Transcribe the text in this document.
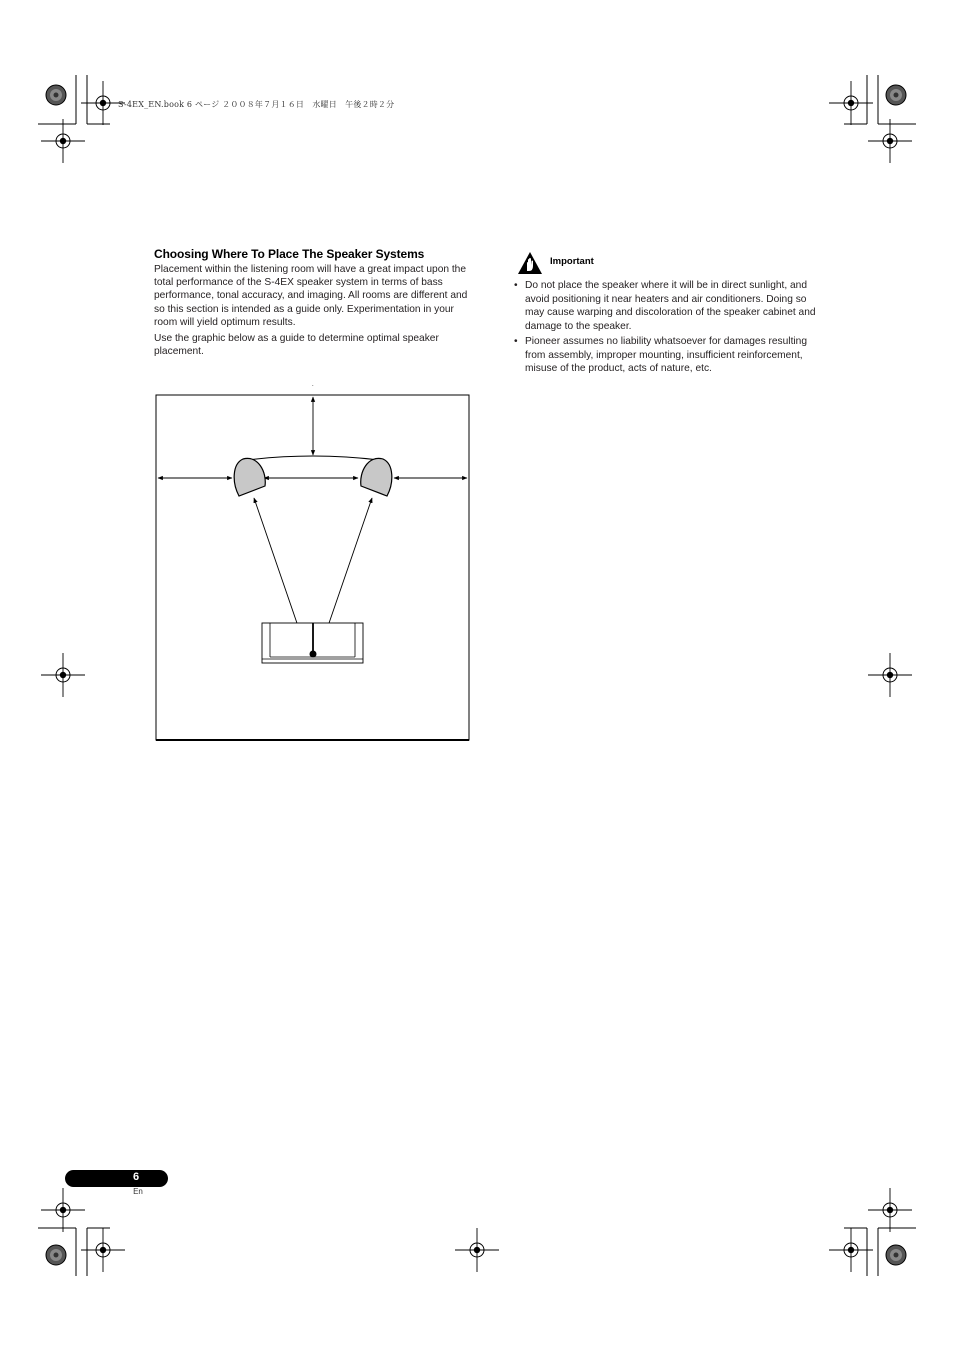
S-4EX_EN.book 6 ページ ２００８年７月１６日　水曜日　午後２時２分
Choosing Where To Place The Speaker Systems

Placement within the listening room will have a great impact upon the total performance of the S-4EX speaker system in terms of bass performance, tonal accuracy, and imaging. All rooms are different and so this section is intended as a guide only. Experimentation in your room will yield optimum results.

Use the graphic below as a guide to determine optimal speaker placement.

.
Important
• Do not place the speaker where it will be in direct sunlight, and avoid positioning it near heaters and air conditioners. Doing so may cause warping and discoloration of the speaker cabinet and damage to the speaker.
• Pioneer assumes no liability whatsoever for damages resulting from assembly, improper mounting, insufficient reinforcement, misuse of the product, acts of nature, etc.
6
En
